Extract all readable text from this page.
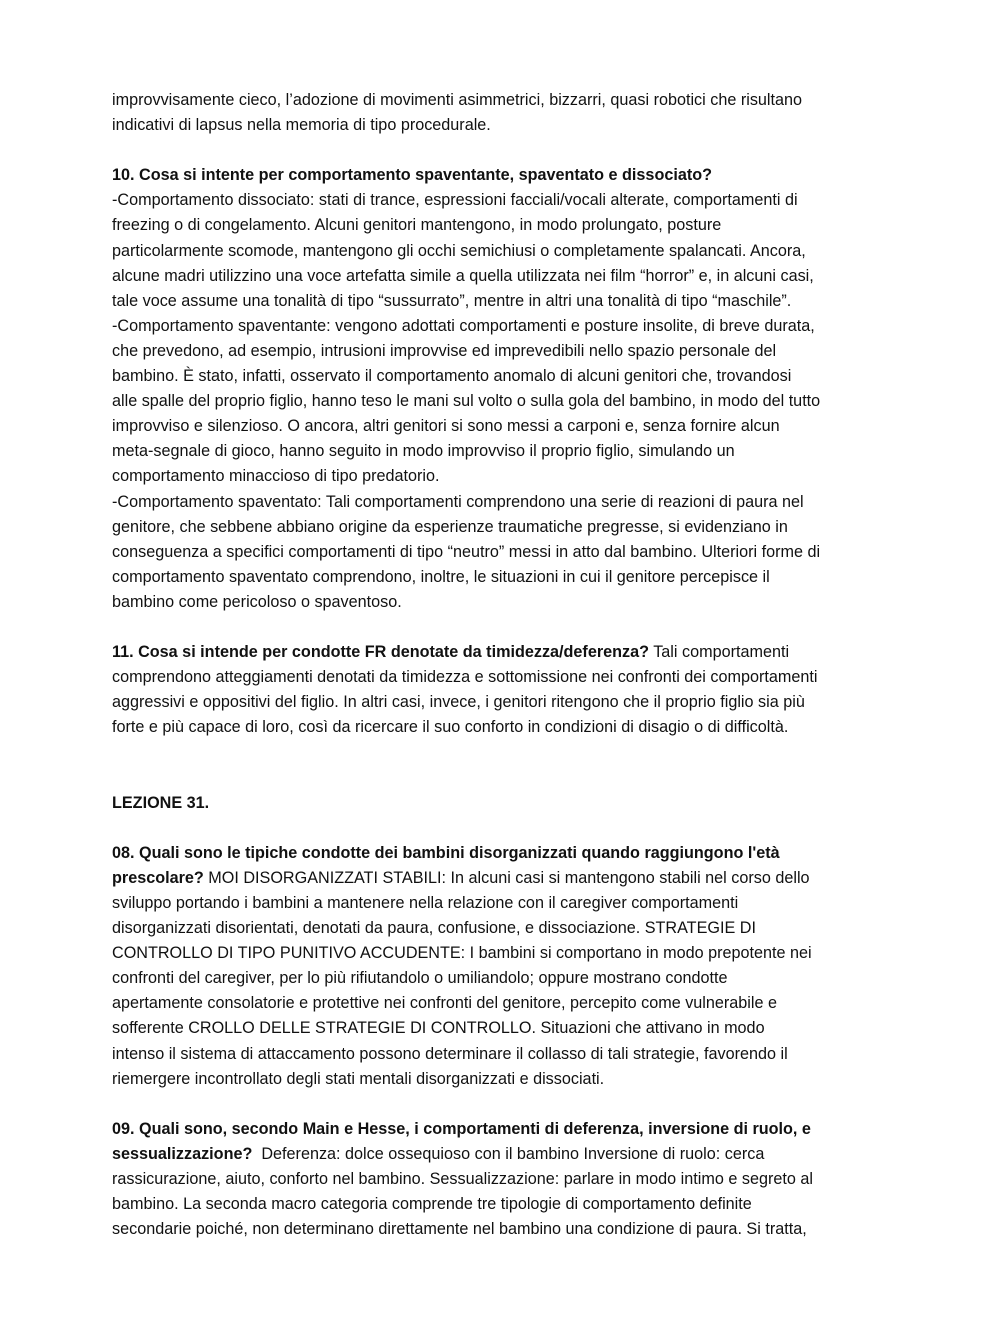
improvvisamente cieco, l’adozione di movimenti asimmetrici, bizzarri, quasi robotici che risultano
indicativi di lapsus nella memoria di tipo procedurale.
10. Cosa si intente per comportamento spaventante, spaventato e dissociato?
-Comportamento dissociato: stati di trance, espressioni facciali/vocali alterate, comportamenti di
freezing o di congelamento. Alcuni genitori mantengono, in modo prolungato, posture
particolarmente scomode, mantengono gli occhi semichiusi o completamente spalancati. Ancora,
alcune madri utilizzino una voce artefatta simile a quella utilizzata nei film “horror” e, in alcuni casi,
tale voce assume una tonalità di tipo “sussurrato”, mentre in altri una tonalità di tipo “maschile”.
-Comportamento spaventante: vengono adottati comportamenti e posture insolite, di breve durata,
che prevedono, ad esempio, intrusioni improvvise ed imprevedibili nello spazio personale del
bambino. È stato, infatti, osservato il comportamento anomalo di alcuni genitori che, trovandosi
alle spalle del proprio figlio, hanno teso le mani sul volto o sulla gola del bambino, in modo del tutto
improvviso e silenzioso. O ancora, altri genitori si sono messi a carponi e, senza fornire alcun
meta-segnale di gioco, hanno seguito in modo improvviso il proprio figlio, simulando un
comportamento minaccioso di tipo predatorio.
-Comportamento spaventato: Tali comportamenti comprendono una serie di reazioni di paura nel
genitore, che sebbene abbiano origine da esperienze traumatiche pregresse, si evidenziano in
conseguenza a specifici comportamenti di tipo “neutro” messi in atto dal bambino. Ulteriori forme di
comportamento spaventato comprendono, inoltre, le situazioni in cui il genitore percepisce il
bambino come pericoloso o spaventoso.
11. Cosa si intende per condotte FR denotate da timidezza/deferenza? Tali comportamenti
comprendono atteggiamenti denotati da timidezza e sottomissione nei confronti dei comportamenti
aggressivi e oppositivi del figlio. In altri casi, invece, i genitori ritengono che il proprio figlio sia più
forte e più capace di loro, così da ricercare il suo conforto in condizioni di disagio o di difficoltà.
LEZIONE 31.
08. Quali sono le tipiche condotte dei bambini disorganizzati quando raggiungono l'età
prescolare? MOI DISORGANIZZATI STABILI: In alcuni casi si mantengono stabili nel corso dello
sviluppo portando i bambini a mantenere nella relazione con il caregiver comportamenti
disorganizzati disorientati, denotati da paura, confusione, e dissociazione. STRATEGIE DI
CONTROLLO DI TIPO PUNITIVO ACCUDENTE: I bambini si comportano in modo prepotente nei
confronti del caregiver, per lo più rifiutandolo o umiliandolo; oppure mostrano condotte
apertamente consolatorie e protettive nei confronti del genitore, percepito come vulnerabile e
sofferente CROLLO DELLE STRATEGIE DI CONTROLLO. Situazioni che attivano in modo
intenso il sistema di attaccamento possono determinare il collasso di tali strategie, favorendo il
riemergere incontrollato degli stati mentali disorganizzati e dissociati.
09. Quali sono, secondo Main e Hesse, i comportamenti di deferenza, inversione di ruolo, e
sessualizzazione?  Deferenza: dolce ossequioso con il bambino Inversione di ruolo: cerca
rassicurazione, aiuto, conforto nel bambino. Sessualizzazione: parlare in modo intimo e segreto al
bambino. La seconda macro categoria comprende tre tipologie di comportamento definite
secondarie poiché, non determinano direttamente nel bambino una condizione di paura. Si tratta,
